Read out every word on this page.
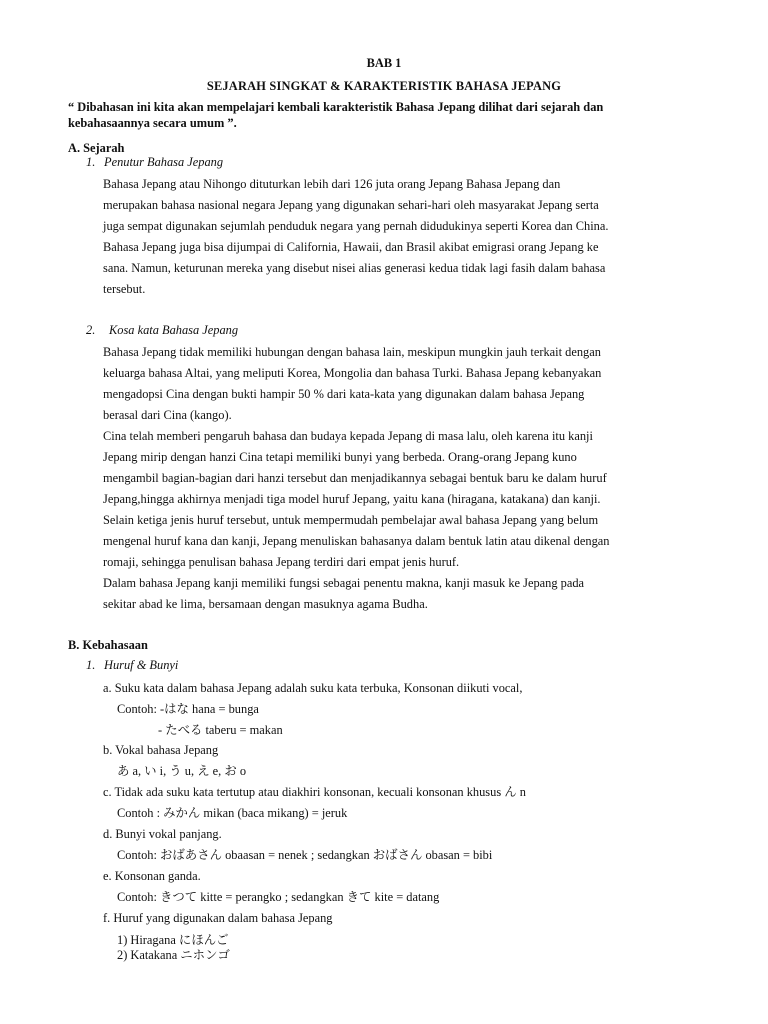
BAB 1
SEJARAH SINGKAT & KARAKTERISTIK BAHASA JEPANG
“ Dibahasan ini kita akan mempelajari kembali karakteristik Bahasa Jepang dilihat dari sejarah dan
kebahasaannya secara umum ”.
A. Sejarah
1. Penutur Bahasa Jepang
Bahasa Jepang atau Nihongo dituturkan lebih dari 126 juta orang Jepang Bahasa Jepang dan
merupakan bahasa nasional negara Jepang yang digunakan sehari-hari oleh masyarakat Jepang serta
juga sempat digunakan sejumlah penduduk negara yang pernah didudukinya seperti Korea dan China.
Bahasa Jepang juga bisa dijumpai di California, Hawaii, dan Brasil akibat emigrasi orang Jepang ke
sana. Namun, keturunan mereka yang disebut nisei alias generasi kedua tidak lagi fasih dalam bahasa
tersebut.
2. Kosa kata Bahasa Jepang
Bahasa Jepang tidak memiliki hubungan dengan bahasa lain, meskipun mungkin jauh terkait dengan
keluarga bahasa Altai, yang meliputi Korea, Mongolia dan bahasa Turki. Bahasa Jepang kebanyakan
mengadopsi Cina dengan bukti hampir 50 % dari kata-kata yang digunakan dalam bahasa Jepang
berasal dari Cina (kango).
Cina telah memberi pengaruh bahasa dan budaya kepada Jepang di masa lalu, oleh karena itu kanji
Jepang mirip dengan hanzi Cina tetapi memiliki bunyi yang berbeda. Orang-orang Jepang kuno
mengambil bagian-bagian dari hanzi tersebut dan menjadikannya sebagai bentuk baru ke dalam huruf
Jepang,hingga akhirnya menjadi tiga model huruf Jepang, yaitu kana (hiragana, katakana) dan kanji.
Selain ketiga jenis huruf tersebut, untuk mempermudah pembelajar awal bahasa Jepang yang belum
mengenal huruf kana dan kanji, Jepang menuliskan bahasanya dalam bentuk latin atau dikenal dengan
romaji, sehingga penulisan bahasa Jepang terdiri dari empat jenis huruf.
Dalam bahasa Jepang kanji memiliki fungsi sebagai penentu makna, kanji masuk ke Jepang pada
sekitar abad ke lima, bersamaan dengan masuknya agama Budha.
B. Kebahasaan
1. Huruf & Bunyi
a. Suku kata dalam bahasa Jepang adalah suku kata terbuka, Konsonan diikuti vocal,
Contoh: -はな hana = bunga
- たべる taberu = makan
b. Vokal bahasa Jepang
あ a, い i, う u, え e, お o
c. Tidak ada suku kata tertutup atau diakhiri konsonan, kecuali konsonan khusus ん n
Contoh : みかん mikan (baca mikang) = jeruk
d. Bunyi vokal panjang.
Contoh: おばあさん obaasan = nenek ; sedangkan おばさん obasan = bibi
e. Konsonan ganda.
Contoh: きつて kitte = perangko ; sedangkan きて kite = datang
f. Huruf yang digunakan dalam bahasa Jepang
1) Hiragana にほんご
2) Katakana ニホンゴ
